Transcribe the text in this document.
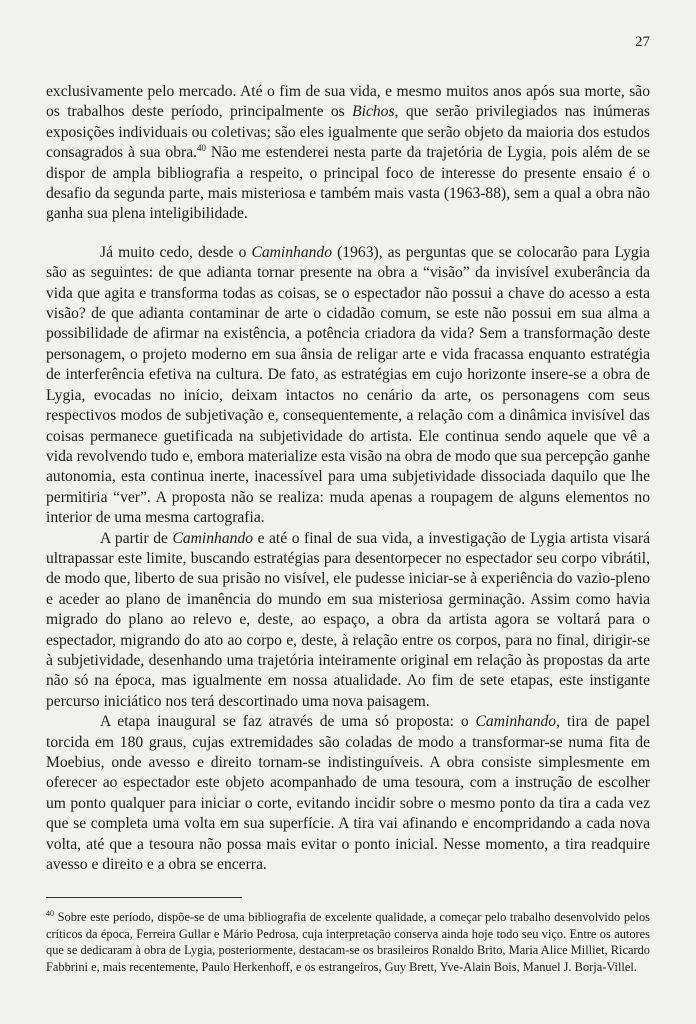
27

exclusivamente pelo mercado. Até o fim de sua vida, e mesmo muitos anos após sua morte, são os trabalhos deste período, principalmente os Bichos, que serão privilegiados nas inúmeras exposições individuais ou coletivas; são eles igualmente que serão objeto da maioria dos estudos consagrados à sua obra.$^{40}$ Não me estenderei nesta parte da trajetória de Lygia, pois além de se dispor de ampla bibliografia a respeito, o principal foco de interesse do presente ensaio é o desafio da segunda parte, mais misteriosa e também mais vasta (1963-88), sem a qual a obra não ganha sua plena inteligibilidade.

Já muito cedo, desde o Caminhando (1963), as perguntas que se colocarão para Lygia são as seguintes: de que adianta tornar presente na obra a “visão” da invisível exuberância da vida que agita e transforma todas as coisas, se o espectador não possui a chave do acesso a esta visão? de que adianta contaminar de arte o cidadão comum, se este não possui em sua alma a possibilidade de afirmar na existência, a potência criadora da vida? Sem a transformação deste personagem, o projeto moderno em sua ânsia de religar arte e vida fracassa enquanto estratégia de interferência efetiva na cultura. De fato, as estratégias em cujo horizonte insere-se a obra de Lygia, evocadas no início, deixam intactos no cenário da arte, os personagens com seus respectivos modos de subjetivação e, consequentemente, a relação com a dinâmica invisível das coisas permanece guetificada na subjetividade do artista. Ele continua sendo aquele que vê a vida revolvendo tudo e, embora materialize esta visão na obra de modo que sua percepção ganhe autonomia, esta continua inerte, inacessível para uma subjetividade dissociada daquilo que lhe permitiria “ver”. A proposta não se realiza: muda apenas a roupagem de alguns elementos no interior de uma mesma cartografia.

A partir de Caminhando e até o final de sua vida, a investigação de Lygia artista visará ultrapassar este limite, buscando estratégias para desentorpecer no espectador seu corpo vibrátil, de modo que, liberto de sua prisão no visível, ele pudesse iniciar-se à experiência do vazio-pleno e aceder ao plano de imanência do mundo em sua misteriosa germinação. Assim como havia migrado do plano ao relevo e, deste, ao espaço, a obra da artista agora se voltará para o espectador, migrando do ato ao corpo e, deste, à relação entre os corpos, para no final, dirigir-se à subjetividade, desenhando uma trajetória inteiramente original em relação às propostas da arte não só na época, mas igualmente em nossa atualidade. Ao fim de sete etapas, este instigante percurso iniciático nos terá descortinado uma nova paisagem.

A etapa inaugural se faz através de uma só proposta: o Caminhando, tira de papel torcida em 180 graus, cujas extremidades são coladas de modo a transformar-se numa fita de Moebius, onde avesso e direito tornam-se indistinguíveis. A obra consiste simplesmente em oferecer ao espectador este objeto acompanhado de uma tesoura, com a instrução de escolher um ponto qualquer para iniciar o corte, evitando incidir sobre o mesmo ponto da tira a cada vez que se completa uma volta em sua superfície. A tira vai afinando e encompridando a cada nova volta, até que a tesoura não possa mais evitar o ponto inicial. Nesse momento, a tira readquire avesso e direito e a obra se encerra.

$^{40}$ Sobre este período, dispõe-se de uma bibliografia de excelente qualidade, a começar pelo trabalho desenvolvido pelos críticos da época, Ferreira Gullar e Mário Pedrosa, cuja interpretação conserva ainda hoje todo seu viço. Entre os autores que se dedicaram à obra de Lygia, posteriormente, destacam-se os brasileiros Ronaldo Brito, Maria Alice Milliet, Ricardo Fabbrini e, mais recentemente, Paulo Herkenhoff, e os estrangeiros, Guy Brett, Yve-Alain Bois, Manuel J. Borja-Villel.
